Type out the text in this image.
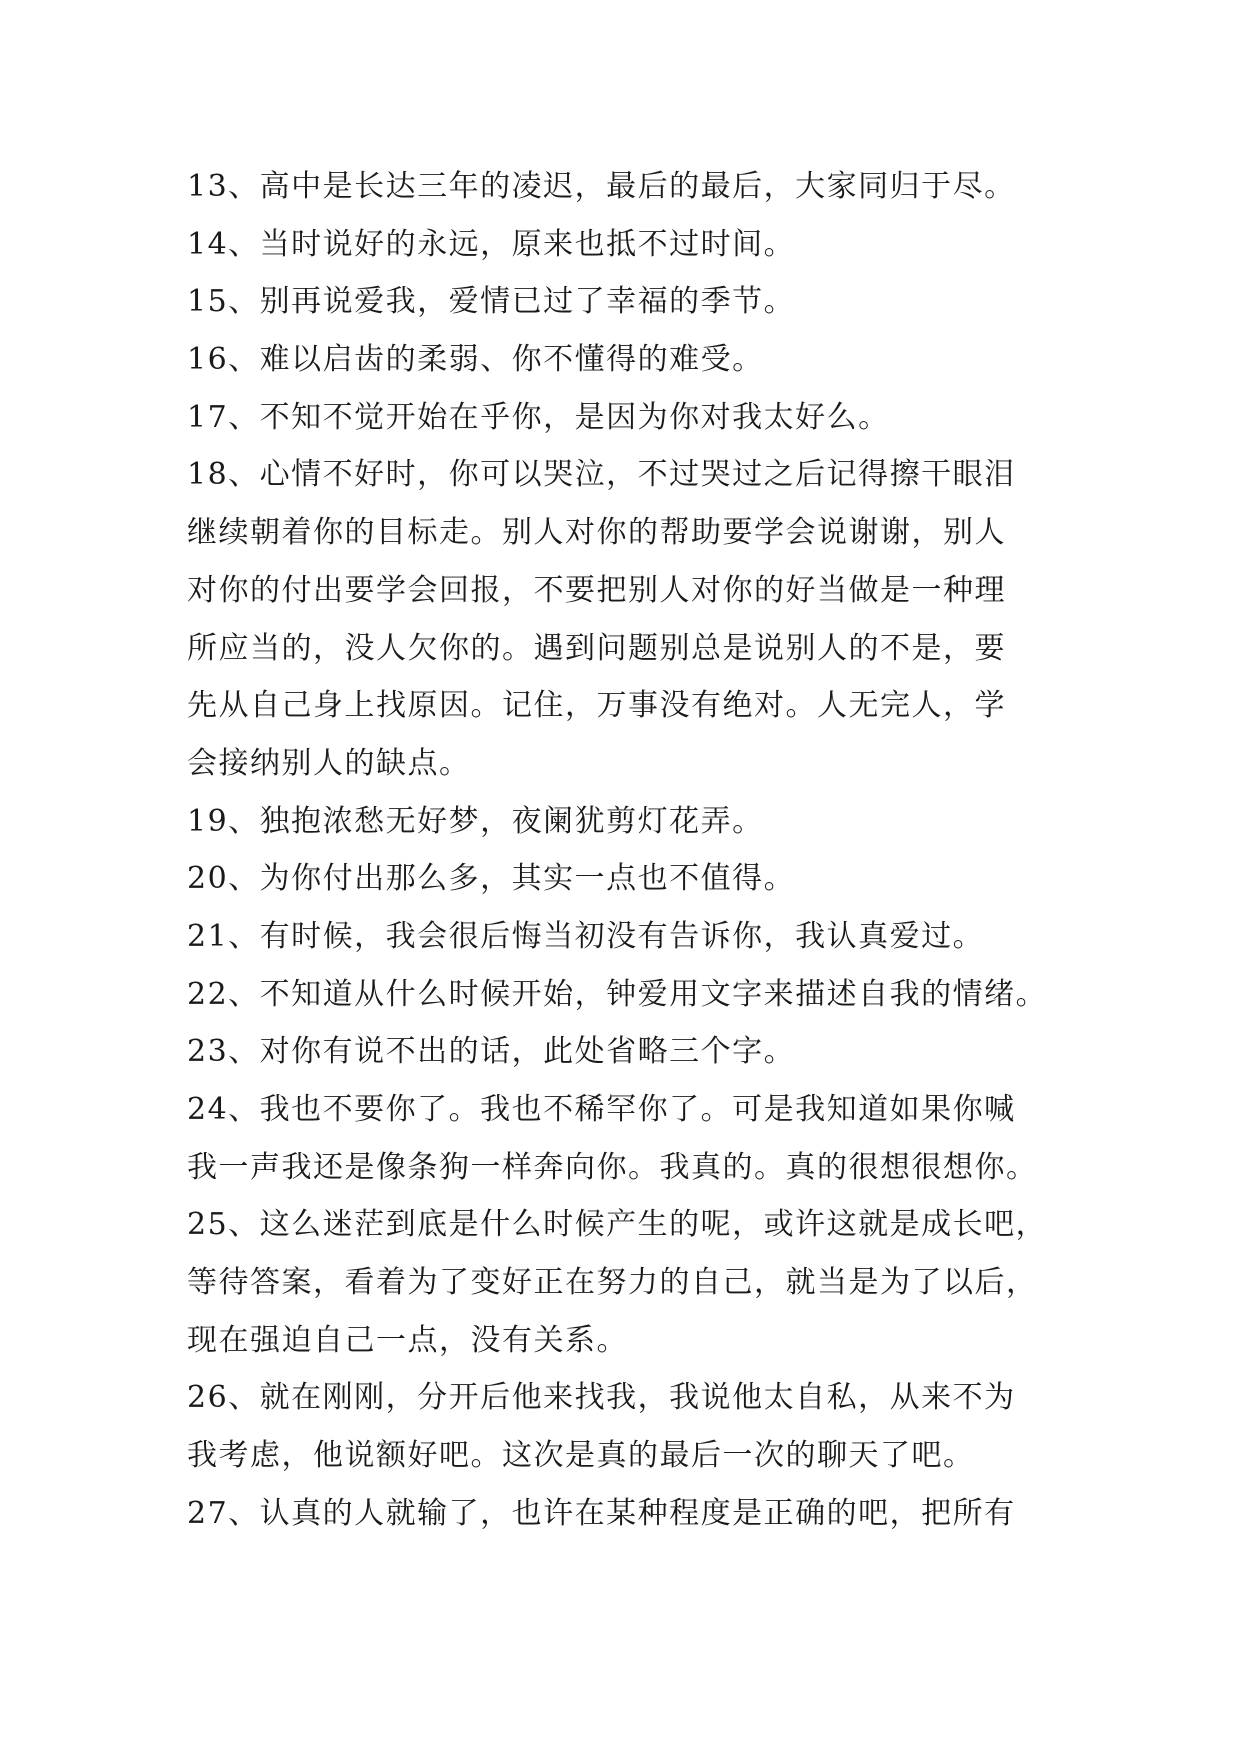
13、高中是长达三年的凌迟，最后的最后，大家同归于尽。
14、当时说好的永远，原来也抵不过时间。
15、别再说爱我，爱情已过了幸福的季节。
16、难以启齿的柔弱、你不懂得的难受。
17、不知不觉开始在乎你，是因为你对我太好么。
18、心情不好时，你可以哭泣，不过哭过之后记得擦干眼泪
继续朝着你的目标走。别人对你的帮助要学会说谢谢，别人
对你的付出要学会回报，不要把别人对你的好当做是一种理
所应当的，没人欠你的。遇到问题别总是说别人的不是，要
先从自己身上找原因。记住，万事没有绝对。人无完人，学
会接纳别人的缺点。
19、独抱浓愁无好梦，夜阑犹剪灯花弄。
20、为你付出那么多，其实一点也不值得。
21、有时候，我会很后悔当初没有告诉你，我认真爱过。
22、不知道从什么时候开始，钟爱用文字来描述自我的情绪。
23、对你有说不出的话，此处省略三个字。
24、我也不要你了。我也不稀罕你了。可是我知道如果你喊
我一声我还是像条狗一样奔向你。我真的。真的很想很想你。
25、这么迷茫到底是什么时候产生的呢，或许这就是成长吧，
等待答案，看着为了变好正在努力的自己，就当是为了以后，
现在强迫自己一点，没有关系。
26、就在刚刚，分开后他来找我，我说他太自私，从来不为
我考虑，他说额好吧。这次是真的最后一次的聊天了吧。
27、认真的人就输了，也许在某种程度是正确的吧，把所有
